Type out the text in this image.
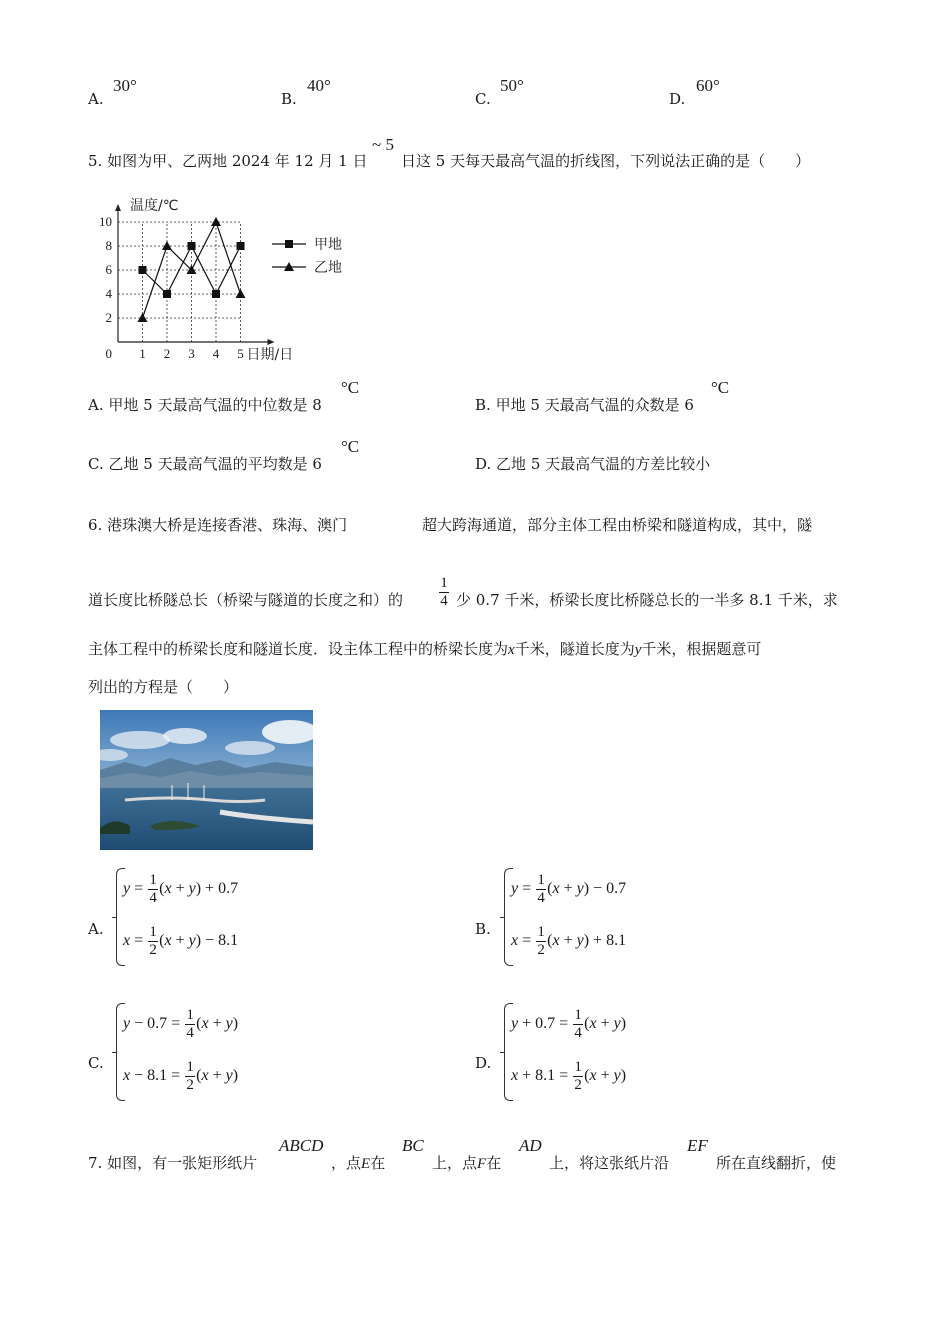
A.
30°
B.
40°
C.
50°
D.
60°
5. 如图为甲、乙两地 2024 年 12 月 1 日
~ 5
日这 5 天每天最高气温的折线图，下列说法正确的是（　　）
2
4
6
8
10
1 2 3 4 5
0
温度/℃
日期/日
甲地
乙地
A. 甲地 5 天最高气温的中位数是 8
°C
B. 甲地 5 天最高气温的众数是 6
°C
C. 乙地 5 天最高气温的平均数是 6
°C
D. 乙地 5 天最高气温的方差比较小
6. 港珠澳大桥是连接香港、珠海、澳门	超大跨海通道，部分主体工程由桥梁和隧道构成，其中，隧
道长度比桥隧总长（桥梁与隧道的长度之和）的
1
4 少 0.7 千米，桥梁长度比桥隧总长的一半多 8.1 千米，求
主体工程中的桥梁长度和隧道长度．设主体工程中的桥梁长度为x千米，隧道长度为y千米，根据题意可
列出的方程是（　　）
A.
$y = \frac{1}{4} (x + y) + 0.7$
$x = \frac{1}{2} (x + y) - 8.1$
B.
$y = \frac{1}{4} (x + y) - 0.7$
$x = \frac{1}{2} (x + y) + 8.1$
C.
$y - 0.7 = \frac{1}{4} (x + y)$
$x - 8.1 = \frac{1}{2} (x + y)$
D.
$y + 0.7 = \frac{1}{4} (x + y)$
$x + 8.1 = \frac{1}{2} (x + y)$
7. 如图，有一张矩形纸片
ABCD
，点E在
BC
上，点F在
AD
上，将这张纸片沿
EF
所在直线翻折，使
